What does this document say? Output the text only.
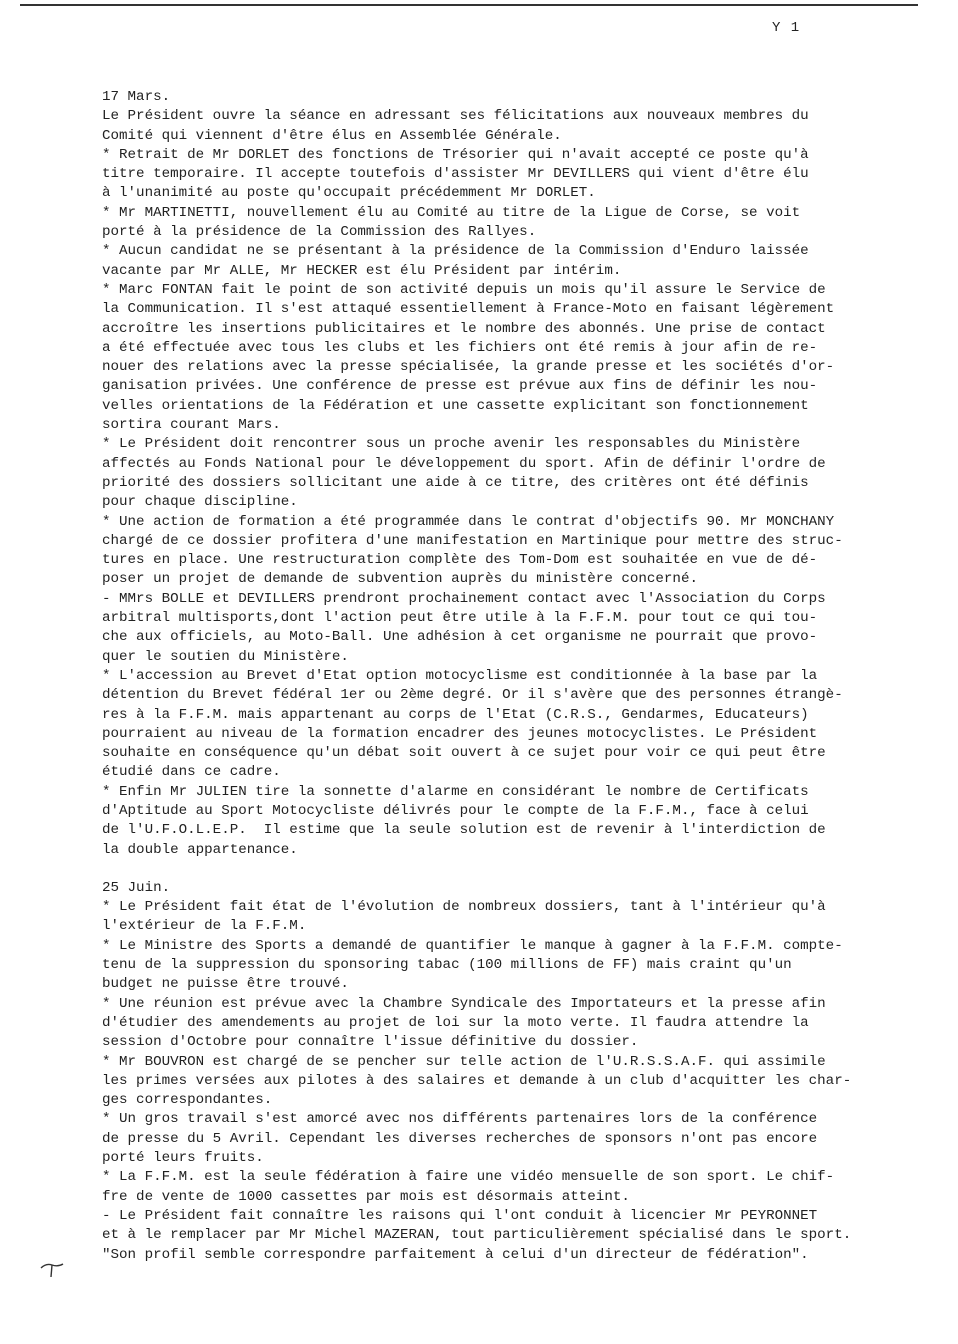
Y 1
17 Mars.
Le Président ouvre la séance en adressant ses félicitations aux nouveaux membres du
Comité qui viennent d'être élus en Assemblée Générale.
* Retrait de Mr DORLET des fonctions de Trésorier qui n'avait accepté ce poste qu'à
titre temporaire. Il accepte toutefois d'assister Mr DEVILLERS qui vient d'être élu
à l'unanimité au poste qu'occupait précédemment Mr DORLET.
* Mr MARTINETTI, nouvellement élu au Comité au titre de la Ligue de Corse, se voit
porté à la présidence de la Commission des Rallyes.
* Aucun candidat ne se présentant à la présidence de la Commission d'Enduro laissée
vacante par Mr ALLE, Mr HECKER est élu Président par intérim.
* Marc FONTAN fait le point de son activité depuis un mois qu'il assure le Service de
la Communication. Il s'est attaqué essentiellement à France-Moto en faisant légèrement
accroître les insertions publicitaires et le nombre des abonnés. Une prise de contact
a été effectuée avec tous les clubs et les fichiers ont été remis à jour afin de re-
nouer des relations avec la presse spécialisée, la grande presse et les sociétés d'or-
ganisation privées. Une conférence de presse est prévue aux fins de définir les nou-
velles orientations de la Fédération et une cassette explicitant son fonctionnement
sortira courant Mars.
* Le Président doit rencontrer sous un proche avenir les responsables du Ministère
affectés au Fonds National pour le développement du sport. Afin de définir l'ordre de
priorité des dossiers sollicitant une aide à ce titre, des critères ont été définis
pour chaque discipline.
* Une action de formation a été programmée dans le contrat d'objectifs 90. Mr MONCHANY
chargé de ce dossier profitera d'une manifestation en Martinique pour mettre des struc-
tures en place. Une restructuration complète des Tom-Dom est souhaitée en vue de dé-
poser un projet de demande de subvention auprès du ministère concerné.
- MMrs BOLLE et DEVILLERS prendront prochainement contact avec l'Association du Corps
arbitral multisports,dont l'action peut être utile à la F.F.M. pour tout ce qui tou-
che aux officiels, au Moto-Ball. Une adhésion à cet organisme ne pourrait que provo-
quer le soutien du Ministère.
* L'accession au Brevet d'Etat option motocyclisme est conditionnée à la base par la
détention du Brevet fédéral 1er ou 2ème degré. Or il s'avère que des personnes étrangè-
res à la F.F.M. mais appartenant au corps de l'Etat (C.R.S., Gendarmes, Educateurs)
pourraient au niveau de la formation encadrer des jeunes motocyclistes. Le Président
souhaite en conséquence qu'un débat soit ouvert à ce sujet pour voir ce qui peut être
étudié dans ce cadre.
* Enfin Mr JULIEN tire la sonnette d'alarme en considérant le nombre de Certificats
d'Aptitude au Sport Motocycliste délivrés pour le compte de la F.F.M., face à celui
de l'U.F.O.L.E.P.  Il estime que la seule solution est de revenir à l'interdiction de
la double appartenance.
25 Juin.
* Le Président fait état de l'évolution de nombreux dossiers, tant à l'intérieur qu'à
l'extérieur de la F.F.M.
* Le Ministre des Sports a demandé de quantifier le manque à gagner à la F.F.M. compte-
tenu de la suppression du sponsoring tabac (100 millions de FF) mais craint qu'un
budget ne puisse être trouvé.
* Une réunion est prévue avec la Chambre Syndicale des Importateurs et la presse afin
d'étudier des amendements au projet de loi sur la moto verte. Il faudra attendre la
session d'Octobre pour connaître l'issue définitive du dossier.
* Mr BOUVRON est chargé de se pencher sur telle action de l'U.R.S.S.A.F. qui assimile
les primes versées aux pilotes à des salaires et demande à un club d'acquitter les char-
ges correspondantes.
* Un gros travail s'est amorcé avec nos différents partenaires lors de la conférence
de presse du 5 Avril. Cependant les diverses recherches de sponsors n'ont pas encore
porté leurs fruits.
* La F.F.M. est la seule fédération à faire une vidéo mensuelle de son sport. Le chif-
fre de vente de 1000 cassettes par mois est désormais atteint.
- Le Président fait connaître les raisons qui l'ont conduit à licencier Mr PEYRONNET
et à le remplacer par Mr Michel MAZERAN, tout particulièrement spécialisé dans le sport.
"Son profil semble correspondre parfaitement à celui d'un directeur de fédération".
